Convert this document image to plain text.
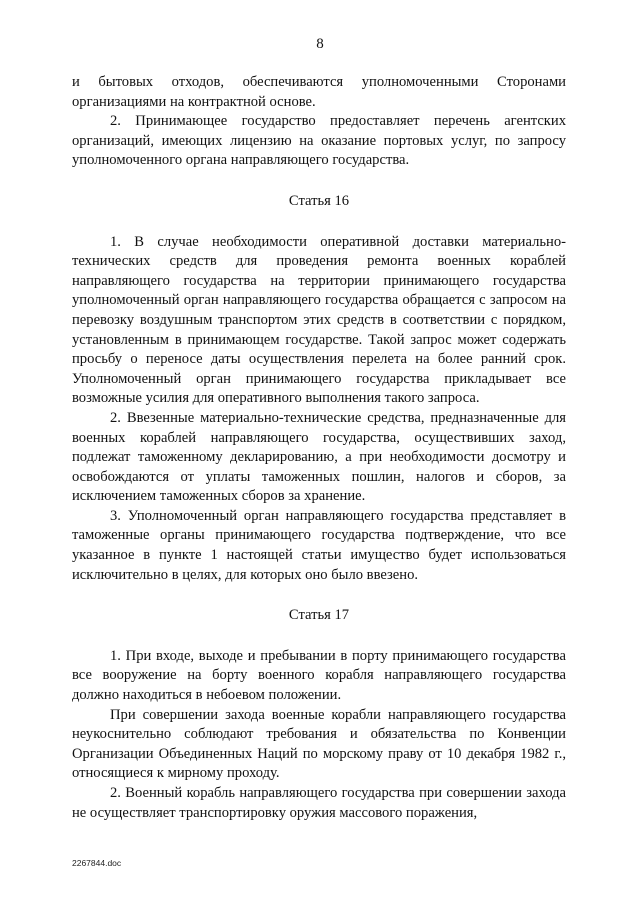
8

и бытовых отходов, обеспечиваются уполномоченными Сторонами организациями на контрактной основе.

2. Принимающее государство предоставляет перечень агентских организаций, имеющих лицензию на оказание портовых услуг, по запросу уполномоченного органа направляющего государства.

Статья 16

1. В случае необходимости оперативной доставки материально-технических средств для проведения ремонта военных кораблей направляющего государства на территории принимающего государства уполномоченный орган направляющего государства обращается с запросом на перевозку воздушным транспортом этих средств в соответствии с порядком, установленным в принимающем государстве. Такой запрос может содержать просьбу о переносе даты осуществления перелета на более ранний срок. Уполномоченный орган принимающего государства прикладывает все возможные усилия для оперативного выполнения такого запроса.

2. Ввезенные материально-технические средства, предназначенные для военных кораблей направляющего государства, осуществивших заход, подлежат таможенному декларированию, а при необходимости досмотру и освобождаются от уплаты таможенных пошлин, налогов и сборов, за исключением таможенных сборов за хранение.

3. Уполномоченный орган направляющего государства представляет в таможенные органы принимающего государства подтверждение, что все указанное в пункте 1 настоящей статьи имущество будет использоваться исключительно в целях, для которых оно было ввезено.

Статья 17

1. При входе, выходе и пребывании в порту принимающего государства все вооружение на борту военного корабля направляющего государства должно находиться в небоевом положении.

При совершении захода военные корабли направляющего государства неукоснительно соблюдают требования и обязательства по Конвенции Организации Объединенных Наций по морскому праву от 10 декабря 1982 г., относящиеся к мирному проходу.

2. Военный корабль направляющего государства при совершении захода не осуществляет транспортировку оружия массового поражения,

2267844.doc
